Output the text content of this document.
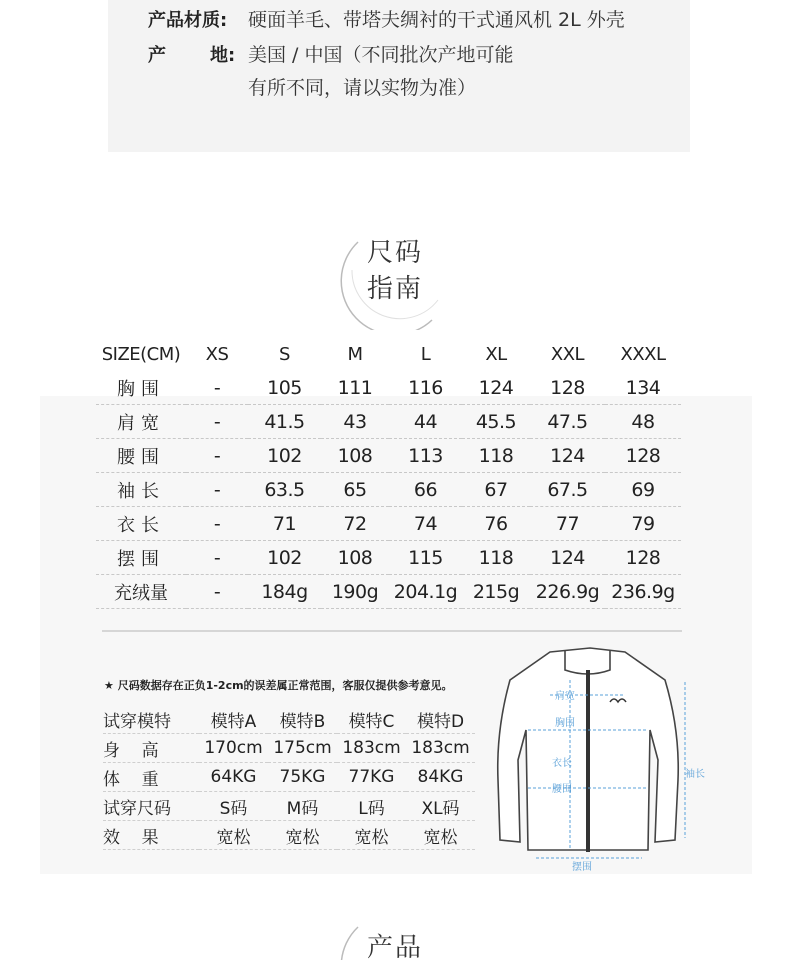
产品材质: 硬面羊毛、带塔夫绸衬的干式通风机 2L 外壳
产 地: 美国 / 中国（不同批次产地可能
有所不同，请以实物为准）
尺码
指南
SIZE(CM)	XS	S	M	L	XL	XXL	XXXL
胸围	-	105	111	116	124	128	134
肩宽	-	41.5	43	44	45.5	47.5	48
腰围	-	102	108	113	118	124	128
袖长	-	63.5	65	66	67	67.5	69
衣长	-	71	72	74	76	77	79
摆围	-	102	108	115	118	124	128
充绒量	-	184g	190g	204.1g	215g	226.9g	236.9g
★ 尺码数据存在正负1-2cm的误差属正常范围，客服仅提供参考意见。
试穿模特	模特A	模特B	模特C	模特D
身    高	170cm	175cm	183cm	183cm
体    重	64KG	75KG	77KG	84KG
试穿尺码	S码	M码	L码	XL码
效    果	宽松	宽松	宽松	宽松
肩宽
胸围
衣长
腰围
袖长
摆围
产品
